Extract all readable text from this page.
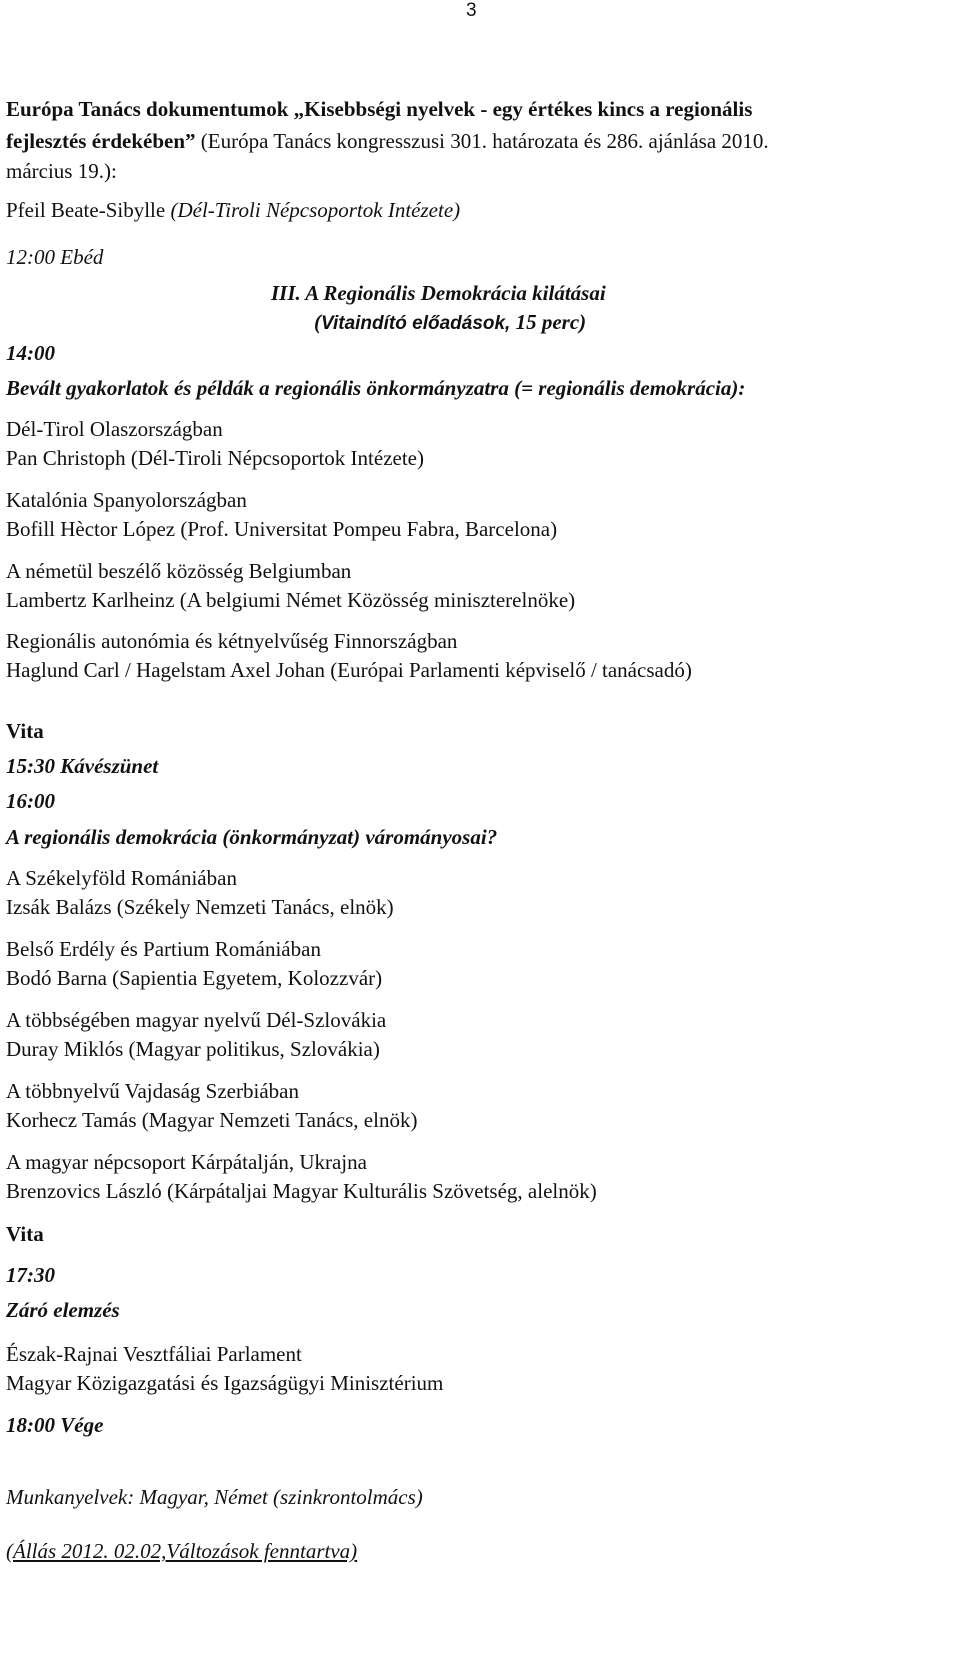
3
Európa Tanács dokumentumok „Kisebbségi nyelvek - egy értékes kincs a regionális
fejlesztés érdekében” (Európa Tanács kongresszusi 301. határozata és 286. ajánlása 2010.
március 19.):
Pfeil Beate-Sibylle (Dél-Tiroli Népcsoportok Intézete)
12:00 Ebéd
III. A Regionális Demokrácia kilátásai
(Vitaindító előadások, 15 perc)
14:00
Bevált gyakorlatok és példák a regionális önkormányzatra (= regionális demokrácia):
Dél-Tirol Olaszországban
Pan Christoph (Dél-Tiroli Népcsoportok Intézete)
Katalónia Spanyolországban
Bofill Hèctor López (Prof. Universitat Pompeu Fabra, Barcelona)
A németül beszélő közösség Belgiumban
Lambertz Karlheinz (A belgiumi Német Közösség miniszterelnöke)
Regionális autonómia és kétnyelvűség Finnországban
Haglund Carl / Hagelstam Axel Johan (Európai Parlamenti képviselő / tanácsadó)
Vita
15:30 Kávészünet
16:00
A regionális demokrácia (önkormányzat) várományosai?
A Székelyföld Romániában
Izsák Balázs (Székely Nemzeti Tanács, elnök)
Belső Erdély és Partium Romániában
Bodó Barna (Sapientia Egyetem, Kolozzvár)
A többségében magyar nyelvű Dél-Szlovákia
Duray Miklós (Magyar politikus, Szlovákia)
A többnyelvű Vajdaság Szerbiában
Korhecz Tamás (Magyar Nemzeti Tanács, elnök)
A magyar népcsoport Kárpátalján, Ukrajna
Brenzovics László (Kárpátaljai Magyar Kulturális Szövetség, alelnök)
Vita
17:30
Záró elemzés
Észak-Rajnai Vesztfáliai Parlament
Magyar Közigazgatási és Igazságügyi Minisztérium
18:00 Vége
Munkanyelvek: Magyar, Német (szinkrontolmács)
(Állás 2012. 02.02,Változások fenntartva)
